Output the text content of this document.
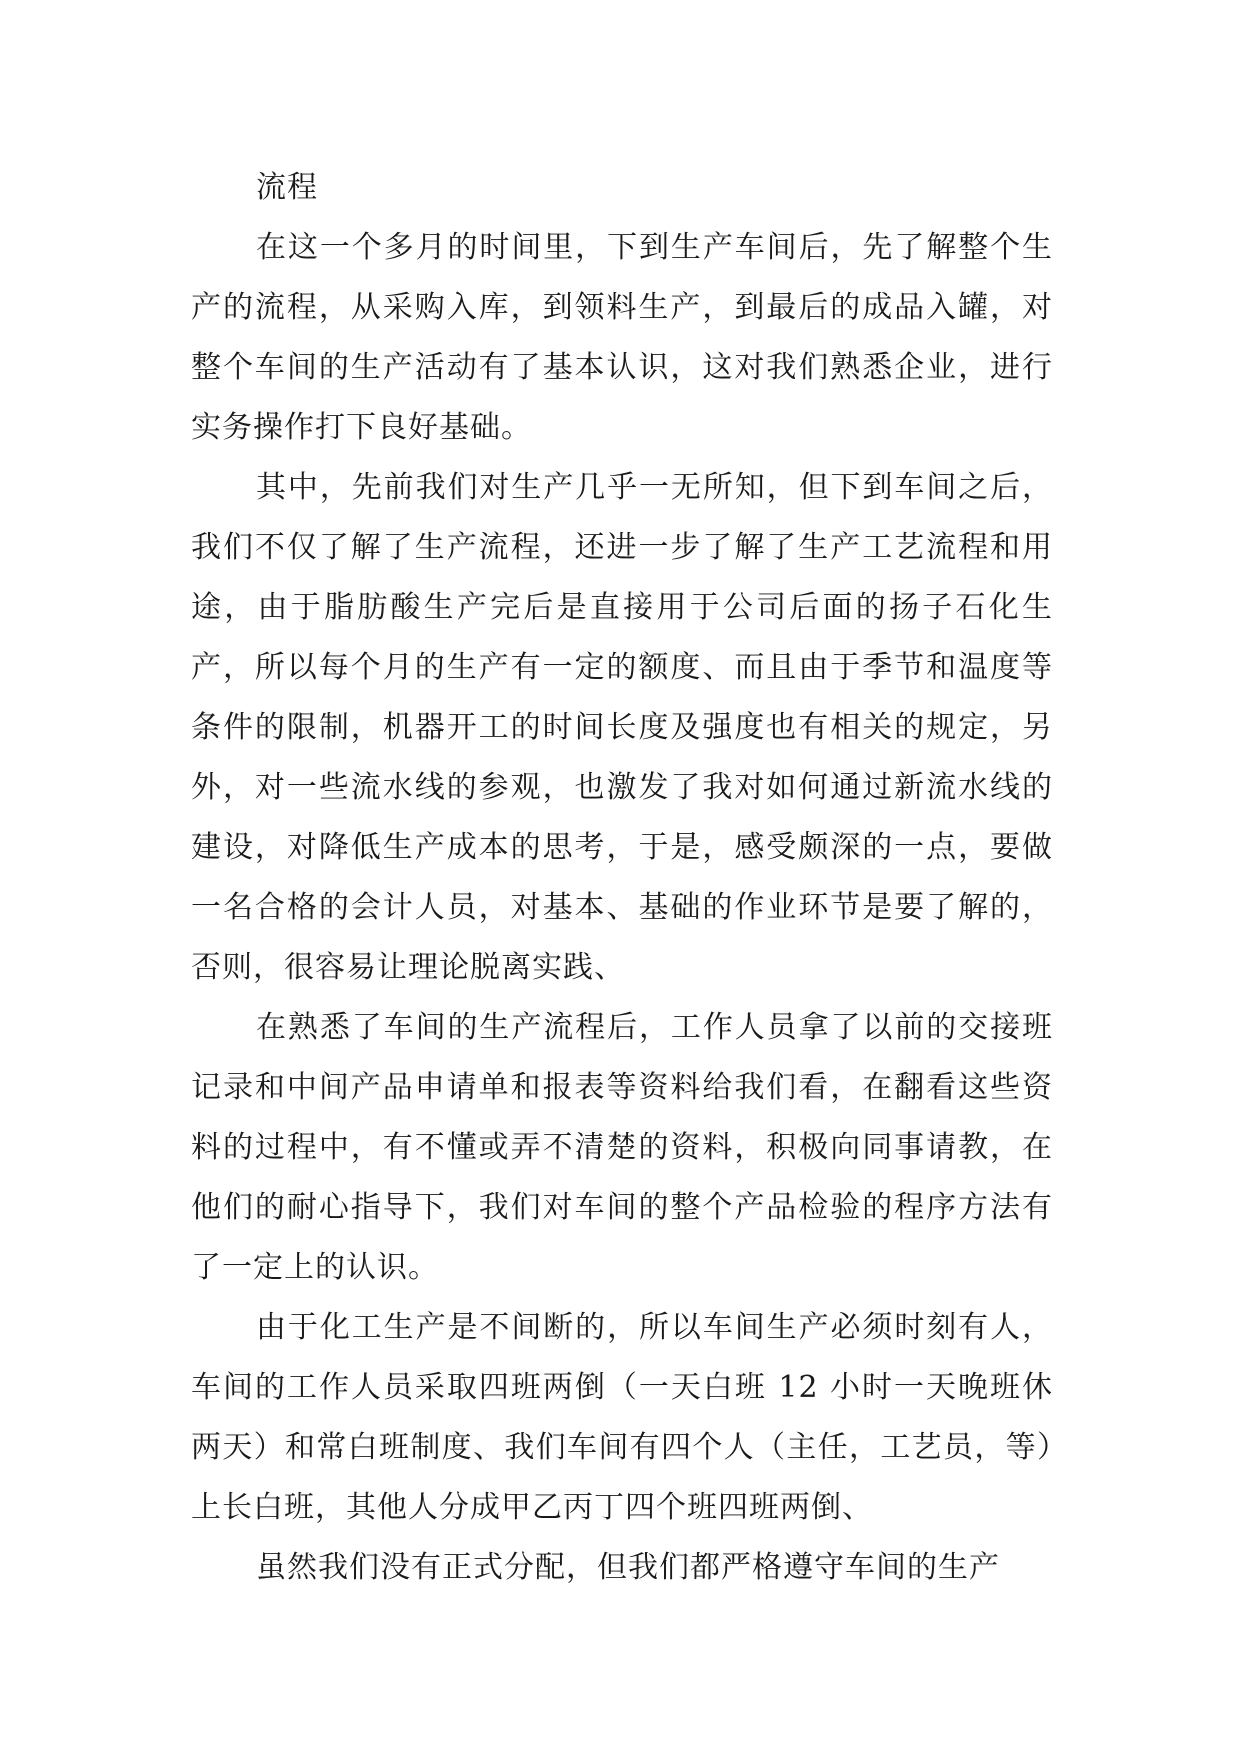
流程

在这一个多月的时间里，下到生产车间后，先了解整个生产的流程，从采购入库，到领料生产，到最后的成品入罐，对整个车间的生产活动有了基本认识，这对我们熟悉企业，进行实务操作打下良好基础。

其中，先前我们对生产几乎一无所知，但下到车间之后，我们不仅了解了生产流程，还进一步了解了生产工艺流程和用途，由于脂肪酸生产完后是直接用于公司后面的扬子石化生产，所以每个月的生产有一定的额度、而且由于季节和温度等条件的限制，机器开工的时间长度及强度也有相关的规定，另外，对一些流水线的参观，也激发了我对如何通过新流水线的建设，对降低生产成本的思考，于是，感受颇深的一点，要做一名合格的会计人员，对基本、基础的作业环节是要了解的，否则，很容易让理论脱离实践、

在熟悉了车间的生产流程后，工作人员拿了以前的交接班记录和中间产品申请单和报表等资料给我们看，在翻看这些资料的过程中，有不懂或弄不清楚的资料，积极向同事请教，在他们的耐心指导下，我们对车间的整个产品检验的程序方法有了一定上的认识。

由于化工生产是不间断的，所以车间生产必须时刻有人，车间的工作人员采取四班两倒（一天白班 12 小时一天晚班休两天）和常白班制度、我们车间有四个人（主任，工艺员，等）上长白班，其他人分成甲乙丙丁四个班四班两倒、

虽然我们没有正式分配，但我们都严格遵守车间的生产
